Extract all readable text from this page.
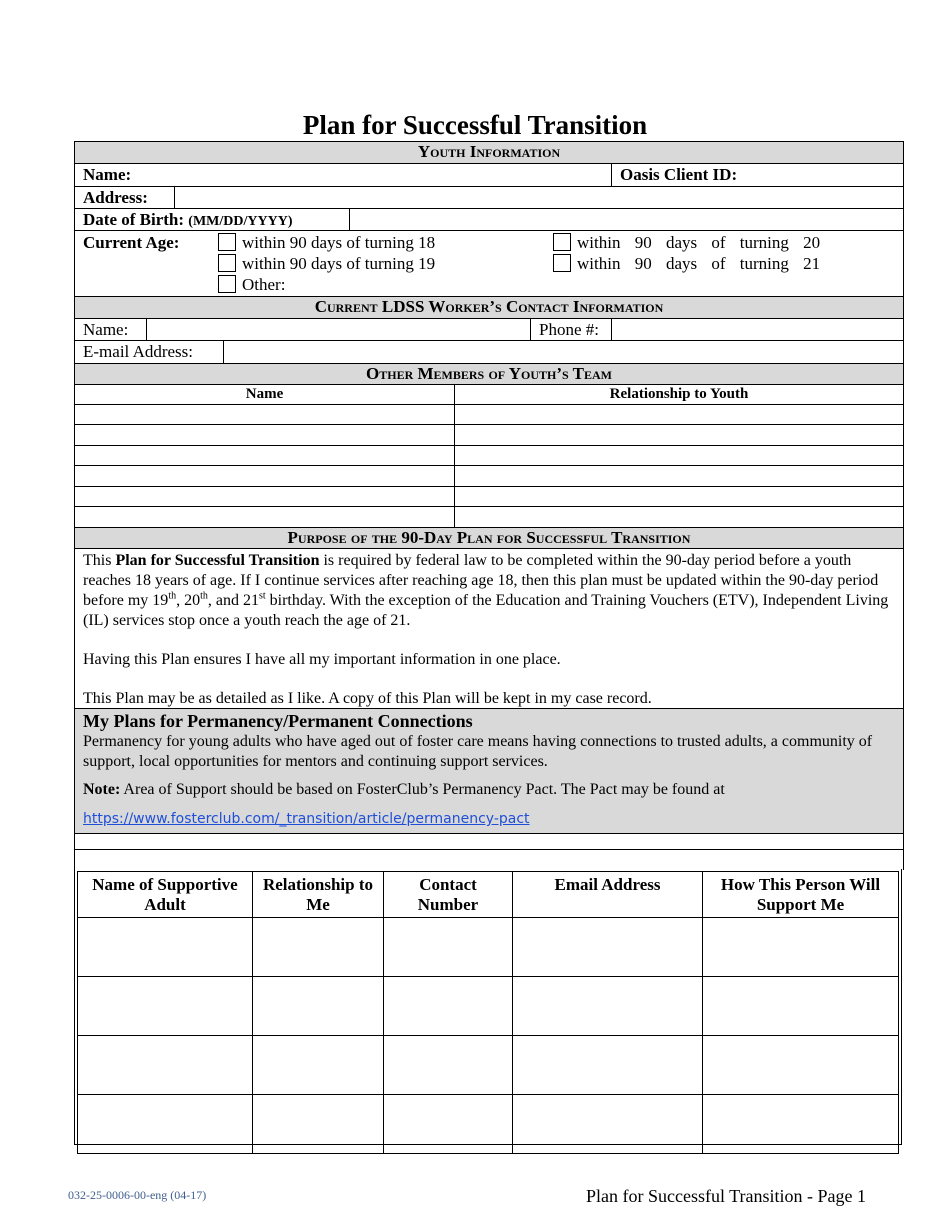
Plan for Successful Transition
Youth Information
Name:	Oasis Client ID:
Address:
Date of Birth: (MM/DD/YYYY)
Current Age:	within 90 days of turning 18	within 90 days of turning 20
within 90 days of turning 19	within 90 days of turning 21
Other:
Current LDSS Worker’s Contact Information
Name:	Phone #:
E-mail Address:
Other Members of Youth’s Team
Name	Relationship to Youth
Purpose of the 90-Day Plan for Successful Transition

This Plan for Successful Transition is required by federal law to be completed within the 90-day period before a youth reaches 18 years of age. If I continue services after reaching age 18, then this plan must be updated within the 90-day period before my 19th, 20th, and 21st birthday. With the exception of the Education and Training Vouchers (ETV), Independent Living (IL) services stop once a youth reach the age of 21.

Having this Plan ensures I have all my important information in one place.

This Plan may be as detailed as I like. A copy of this Plan will be kept in my case record.

My Plans for Permanency/Permanent Connections

Permanency for young adults who have aged out of foster care means having connections to trusted adults, a community of support, local opportunities for mentors and continuing support services.

Note: Area of Support should be based on FosterClub’s Permanency Pact. The Pact may be found at

https://www.fosterclub.com/_transition/article/permanency-pact

Name of Supportive Adult	Relationship to Me	Contact Number	Email Address	How This Person Will Support Me

032-25-0006-00-eng (04-17)	Plan for Successful Transition - Page 1
